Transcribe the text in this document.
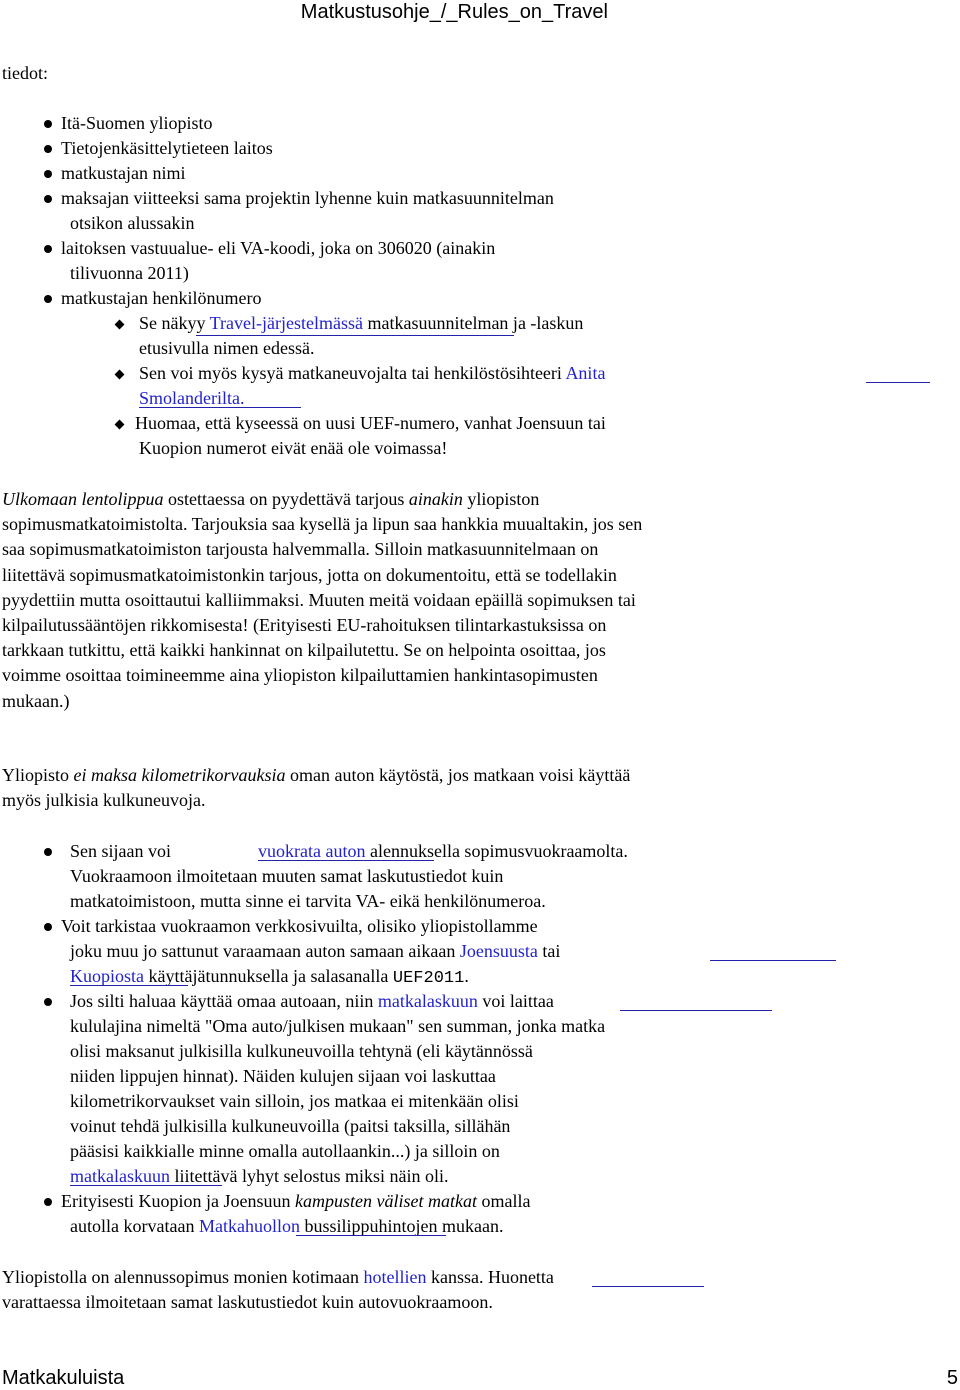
Matkustusohje_/_Rules_on_Travel
tiedot:
Itä-Suomen yliopisto
Tietojenkäsittelytieteen laitos
matkustajan nimi
maksajan viitteeksi sama projektin lyhenne kuin matkasuunnitelman
otsikon alussakin
laitoksen vastuualue- eli VA-koodi, joka on 306020 (ainakin
tilivuonna 2011)
matkustajan henkilönumero
Se näkyy Travel-järjestelmässä matkasuunnitelman ja -laskun
etusivulla nimen edessä.
Sen voi myös kysyä matkaneuvojalta tai henkilöstösihteeri Anita
Smolanderilta.
Huomaa, että kyseessä on uusi UEF-numero, vanhat Joensuun tai
Kuopion numerot eivät enää ole voimassa!

Ulkomaan lentolippua ostettaessa on pyydettävä tarjous ainakin yliopiston sopimusmatkatoimistolta. Tarjouksia saa kysellä ja lipun saa hankkia muualtakin, jos sen saa sopimusmatkatoimiston tarjousta halvemmalla. Silloin matkasuunnitelmaan on liitettävä sopimusmatkatoimistonkin tarjous, jotta on dokumentoitu, että se todellakin pyydettiin mutta osoittautui kalliimmaksi. Muuten meitä voidaan epäillä sopimuksen tai kilpailutussääntöjen rikkomisesta! (Erityisesti EU-rahoituksen tilintarkastuksissa on tarkkaan tutkittu, että kaikki hankinnat on kilpailutettu. Se on helpointa osoittaa, jos voimme osoittaa toimineemme aina yliopiston kilpailuttamien hankintasopimusten mukaan.)

Yliopisto ei maksa kilometrikorvauksia oman auton käytöstä, jos matkaan voisi käyttää myös julkisia kulkuneuvoja.

Sen sijaan voi	vuokrata auton alennuksella sopimusvuokraamolta.
Vuokraamoon ilmoitetaan muuten samat laskutustiedot kuin
matkatoimistoon, mutta sinne ei tarvita VA- eikä henkilönumeroa.
Voit tarkistaa vuokraamon verkkosivuilta, olisiko yliopistollamme
joku muu jo sattunut varaamaan auton samaan aikaan Joensuusta tai
Kuopiosta käyttäjätunnuksella ja salasanalla UEF2011.
Jos silti haluaa käyttää omaa autoaan, niin matkalaskuun voi laittaa
kululajina nimeltä "Oma auto/julkisen mukaan" sen summan, jonka matka
olisi maksanut julkisilla kulkuneuvoilla tehtynä (eli käytännössä
niiden lippujen hinnat). Näiden kulujen sijaan voi laskuttaa
kilometrikorvaukset vain silloin, jos matkaa ei mitenkään olisi
voinut tehdä julkisilla kulkuneuvoilla (paitsi taksilla, sillähän
pääsisi kaikkialle minne omalla autollaankin...) ja silloin on
matkalaskuun liitettävä lyhyt selostus miksi näin oli.
Erityisesti Kuopion ja Joensuun kampusten väliset matkat omalla
autolla korvataan Matkahuollon bussilippuhintojen mukaan.
Yliopistolla on alennussopimus monien kotimaan hotellien kanssa. Huonetta
varattaessa ilmoitetaan samat laskutustiedot kuin autovuokraamoon.
Matkakuluista	5
